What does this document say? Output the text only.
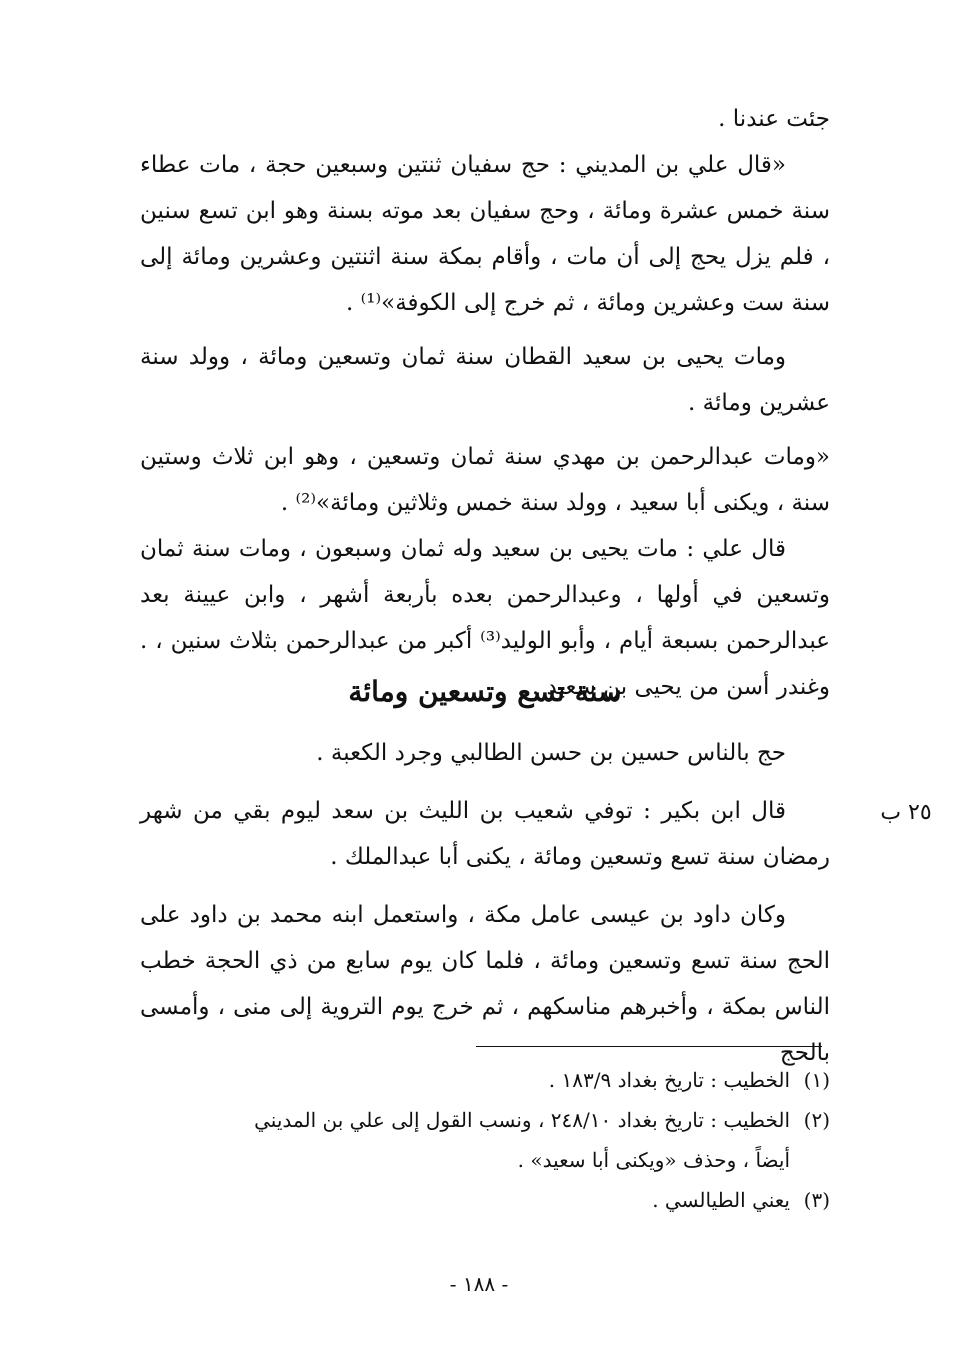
جئت عندنا .

«قال علي بن المديني : حج سفيان ثنتين وسبعين حجة ، مات عطاء سنة خمس عشرة ومائة ، وحج سفيان بعد موته بسنة وهو ابن تسع سنين ، فلم يزل يحج إلى أن مات ، وأقام بمكة سنة اثنتين وعشرين ومائة إلى سنة ست وعشرين ومائة ، ثم خرج إلى الكوفة»⁽¹⁾ .

ومات يحيى بن سعيد القطان سنة ثمان وتسعين ومائة ، وولد سنة عشرين ومائة .

«ومات عبدالرحمن بن مهدي سنة ثمان وتسعين ، وهو ابن ثلاث وستين سنة ، ويكنى أبا سعيد ، وولد سنة خمس وثلاثين ومائة»⁽²⁾ .

قال علي : مات يحيى بن سعيد وله ثمان وسبعون ، ومات سنة ثمان وتسعين في أولها ، وعبدالرحمن بعده بأربعة أشهر ، وابن عيينة بعد عبدالرحمن بسبعة أيام ، وأبو الوليد⁽³⁾ أكبر من عبدالرحمن بثلاث سنين ، . وغندر أسن من يحيى بن سعيد .

سنة تسع وتسعين ومائة

حج بالناس حسين بن حسن الطالبي وجرد الكعبة .

قال ابن بكير : توفي شعيب بن الليث بن سعد ليوم بقي من شهر رمضان سنة تسع وتسعين ومائة ، يكنى أبا عبدالملك .

وكان داود بن عيسى عامل مكة ، واستعمل ابنه محمد بن داود على الحج سنة تسع وتسعين ومائة ، فلما كان يوم سابع من ذي الحجة خطب الناس بمكة ، وأخبرهم مناسكهم ، ثم خرج يوم التروية إلى منى ، وأمسى بالحج

٢٥ ب

(١)الخطيب : تاريخ بغداد ١٨٣/٩ .

(٢)الخطيب : تاريخ بغداد ٢٤٨/١٠ ، ونسب القول إلى علي بن المديني

أيضاً ، وحذف «ويكنى أبا سعيد» .

(٣)يعني الطيالسي .

- ١٨٨ -
